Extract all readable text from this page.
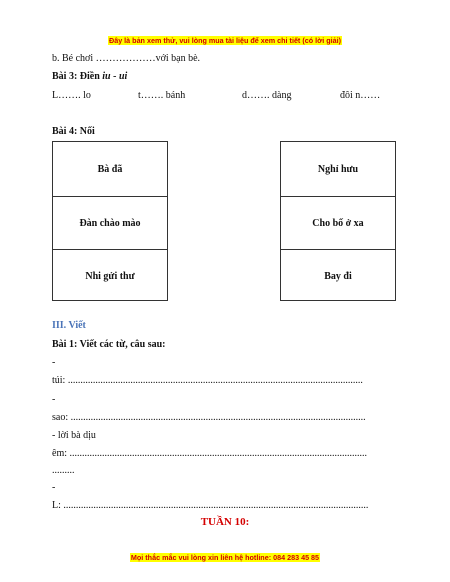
Đây là bản xem thử, vui lòng mua tài liệu để xem chi tiết (có lời giải)
b. Bé chơi ………………với bạn bè.
Bài 3: Điền iu - ui
L……. lo	t……. bánh	d……. dàng	đôi n……
Bài 4: Nối
Bà đã
Đàn chào mào
Nhi gửi thư
Nghỉ hưu
Cho bố ở xa
Bay đi
III. Viết
Bài 1: Viết các từ, câu sau:
-
túi: ......................................................................................................................
-
sao: ......................................................................................................................
- lời bà dịu
êm: .......................................................................................................................
.........
-
L: ..........................................................................................................................
TUẦN 10:
Mọi thắc mắc vui lòng xin liên hệ hotline: 084 283 45 85
